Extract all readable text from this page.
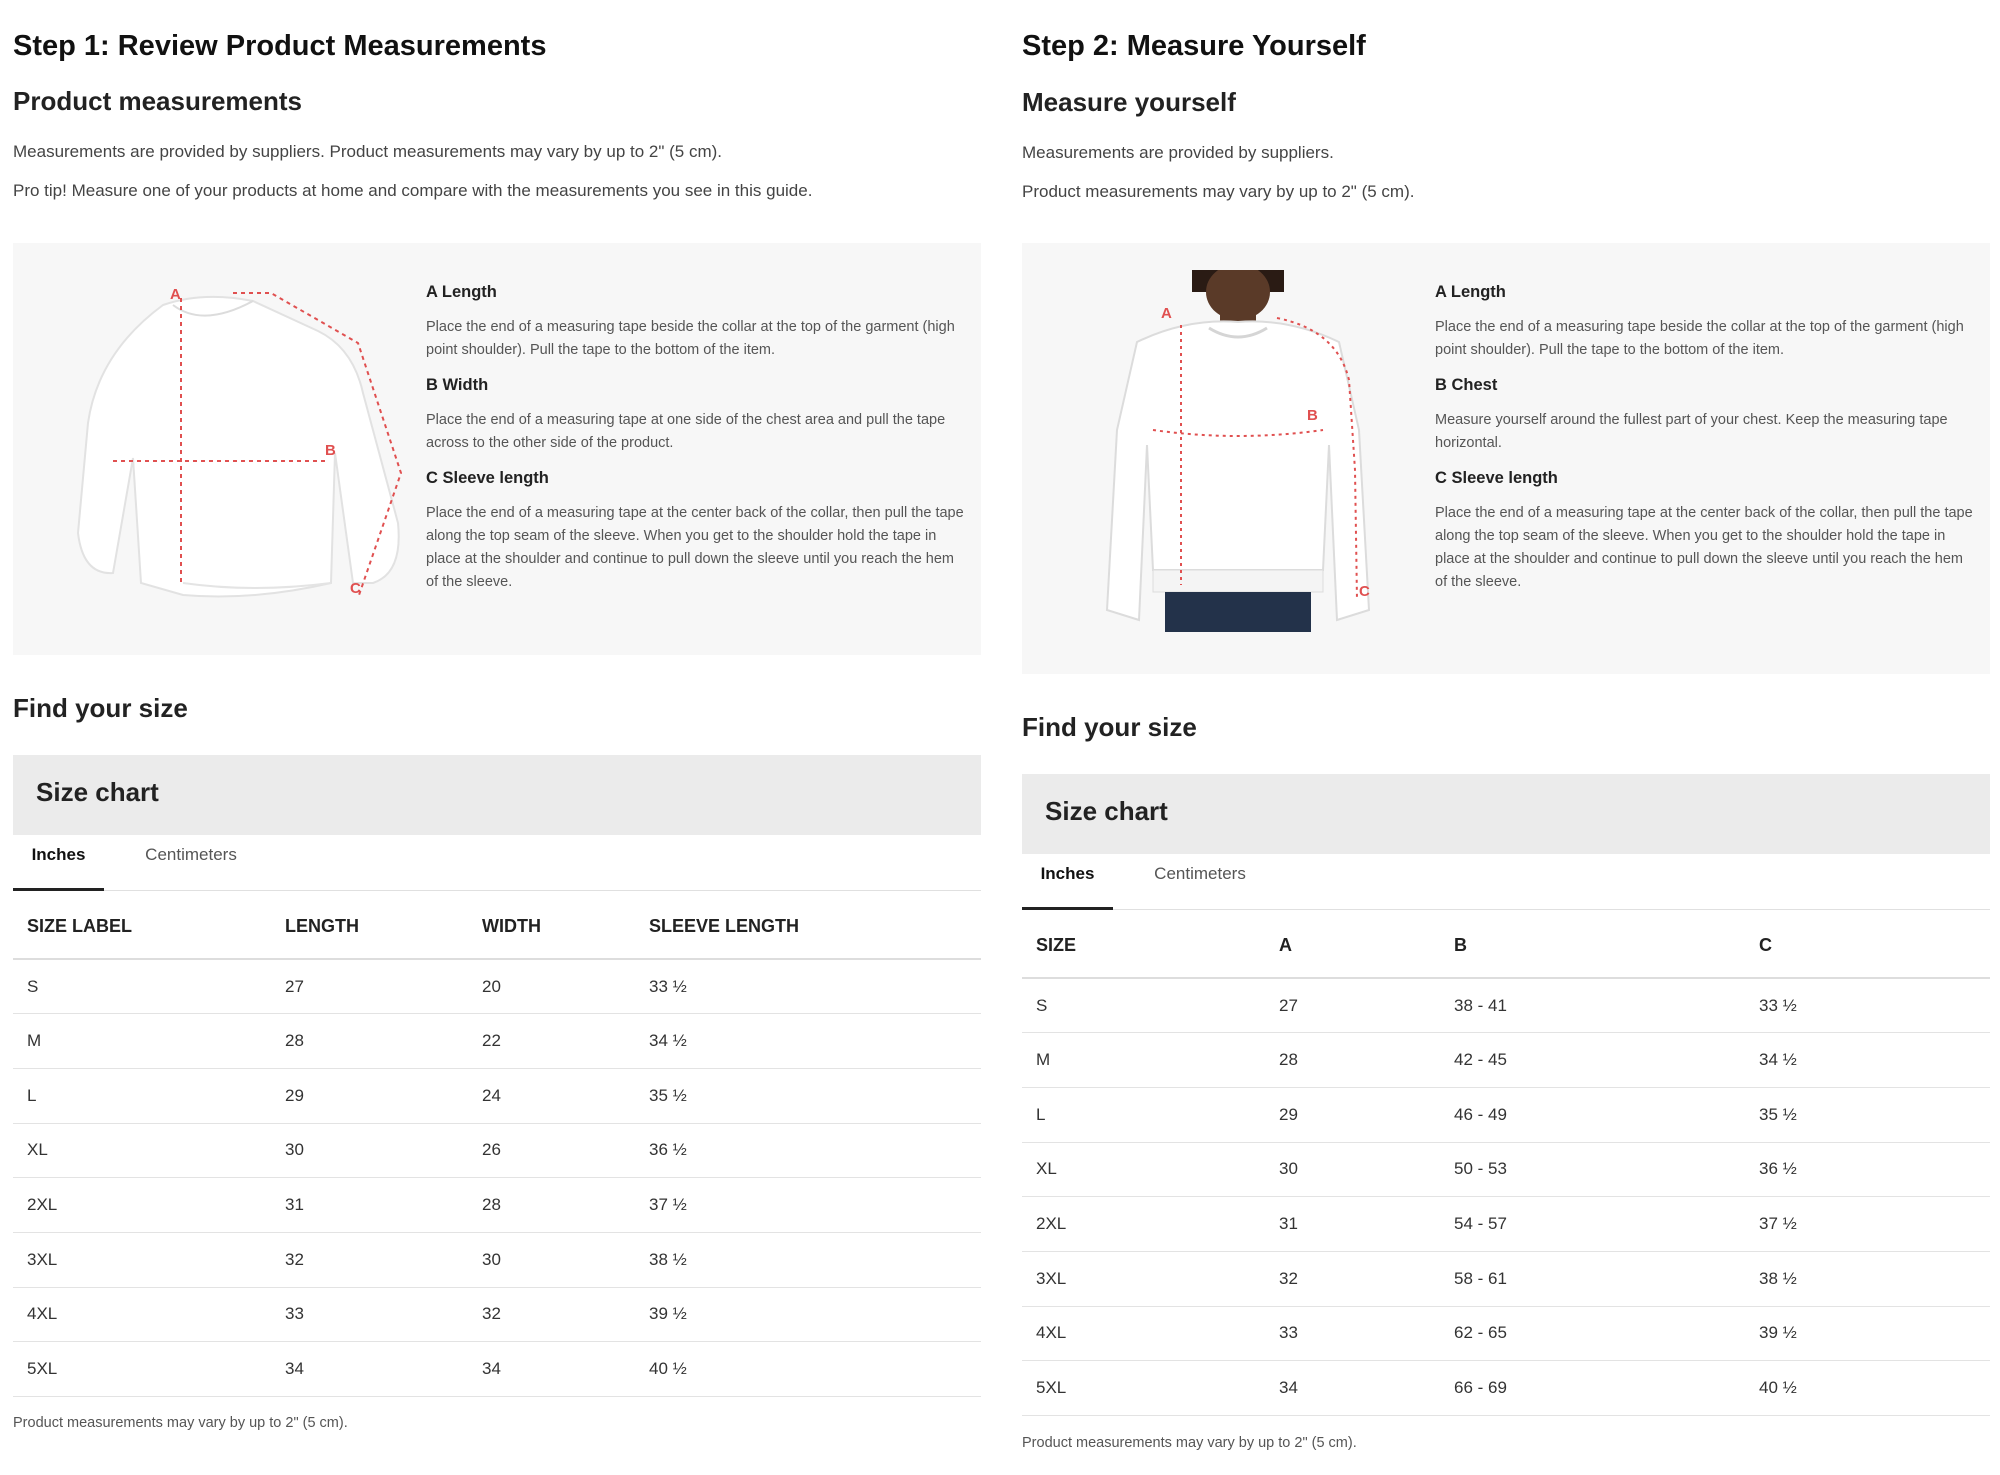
Step 1: Review Product Measurements
Product measurements
Measurements are provided by suppliers. Product measurements may vary by up to 2" (5 cm).
Pro tip! Measure one of your products at home and compare with the measurements you see in this guide.
A
B
C
A Length

Place the end of a measuring tape beside the collar at the top of the garment (high point shoulder). Pull the tape to the bottom of the item.

B Width

Place the end of a measuring tape at one side of the chest area and pull the tape across to the other side of the product.

C Sleeve length

Place the end of a measuring tape at the center back of the collar, then pull the tape along the top seam of the sleeve. When you get to the shoulder hold the tape in place at the shoulder and continue to pull down the sleeve until you reach the hem of the sleeve.

Find your size
Size chart
Inches	Centimeters
SIZE LABEL	LENGTH	WIDTH	SLEEVE LENGTH
S	27	20	33 ½
M	28	22	34 ½
L	29	24	35 ½
XL	30	26	36 ½
2XL	31	28	37 ½
3XL	32	30	38 ½
4XL	33	32	39 ½
5XL	34	34	40 ½
Product measurements may vary by up to 2" (5 cm).
Step 2: Measure Yourself
Measure yourself
Measurements are provided by suppliers.
Product measurements may vary by up to 2" (5 cm).
A
B
C
A Length

Place the end of a measuring tape beside the collar at the top of the garment (high point shoulder). Pull the tape to the bottom of the item.

B Chest

Measure yourself around the fullest part of your chest. Keep the measuring tape horizontal.

C Sleeve length

Place the end of a measuring tape at the center back of the collar, then pull the tape along the top seam of the sleeve. When you get to the shoulder hold the tape in place at the shoulder and continue to pull down the sleeve until you reach the hem of the sleeve.

Find your size
Size chart
Inches	Centimeters
SIZE	A	B	C
S	27	38 - 41	33 ½
M	28	42 - 45	34 ½
L	29	46 - 49	35 ½
XL	30	50 - 53	36 ½
2XL	31	54 - 57	37 ½
3XL	32	58 - 61	38 ½
4XL	33	62 - 65	39 ½
5XL	34	66 - 69	40 ½
Product measurements may vary by up to 2" (5 cm).
